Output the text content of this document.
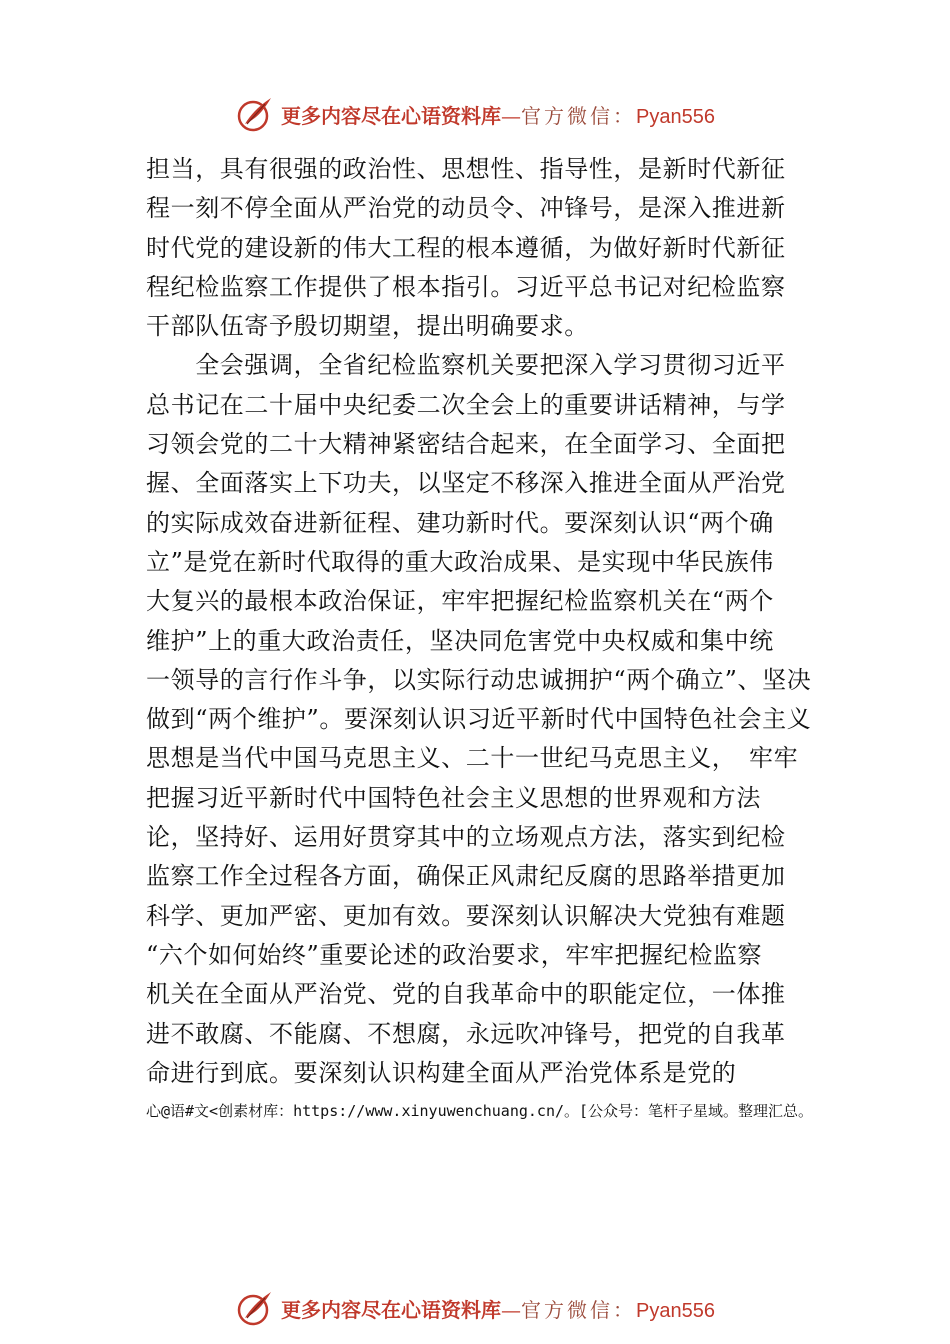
更多内容尽在心语资料库—官方微信：Pyan556
担当，具有很强的政治性、思想性、指导性，是新时代新征
程一刻不停全面从严治党的动员令、冲锋号，是深入推进新
时代党的建设新的伟大工程的根本遵循，为做好新时代新征
程纪检监察工作提供了根本指引。习近平总书记对纪检监察
干部队伍寄予殷切期望，提出明确要求。
　　全会强调，全省纪检监察机关要把深入学习贯彻习近平
总书记在二十届中央纪委二次全会上的重要讲话精神，与学
习领会党的二十大精神紧密结合起来，在全面学习、全面把
握、全面落实上下功夫，以坚定不移深入推进全面从严治党
的实际成效奋进新征程、建功新时代。要深刻认识“两个确
立”是党在新时代取得的重大政治成果、是实现中华民族伟
大复兴的最根本政治保证，牢牢把握纪检监察机关在“两个
维护”上的重大政治责任，坚决同危害党中央权威和集中统
一领导的言行作斗争，以实际行动忠诚拥护“两个确立”、坚决
做到“两个维护”。要深刻认识习近平新时代中国特色社会主义
思想是当代中国马克思主义、二十一世纪马克思主义，　牢牢
把握习近平新时代中国特色社会主义思想的世界观和方法
论，坚持好、运用好贯穿其中的立场观点方法，落实到纪检
监察工作全过程各方面，确保正风肃纪反腐的思路举措更加
科学、更加严密、更加有效。要深刻认识解决大党独有难题
“六个如何始终”重要论述的政治要求，牢牢把握纪检监察
机关在全面从严治党、党的自我革命中的职能定位，一体推
进不敢腐、不能腐、不想腐，永远吹冲锋号，把党的自我革
命进行到底。要深刻认识构建全面从严治党体系是党的
心@语#文<创素材库：https://www.xinyuwenchuang.cn/。[公众号：笔杆子星域。整理汇总。
更多内容尽在心语资料库—官方微信：Pyan556
